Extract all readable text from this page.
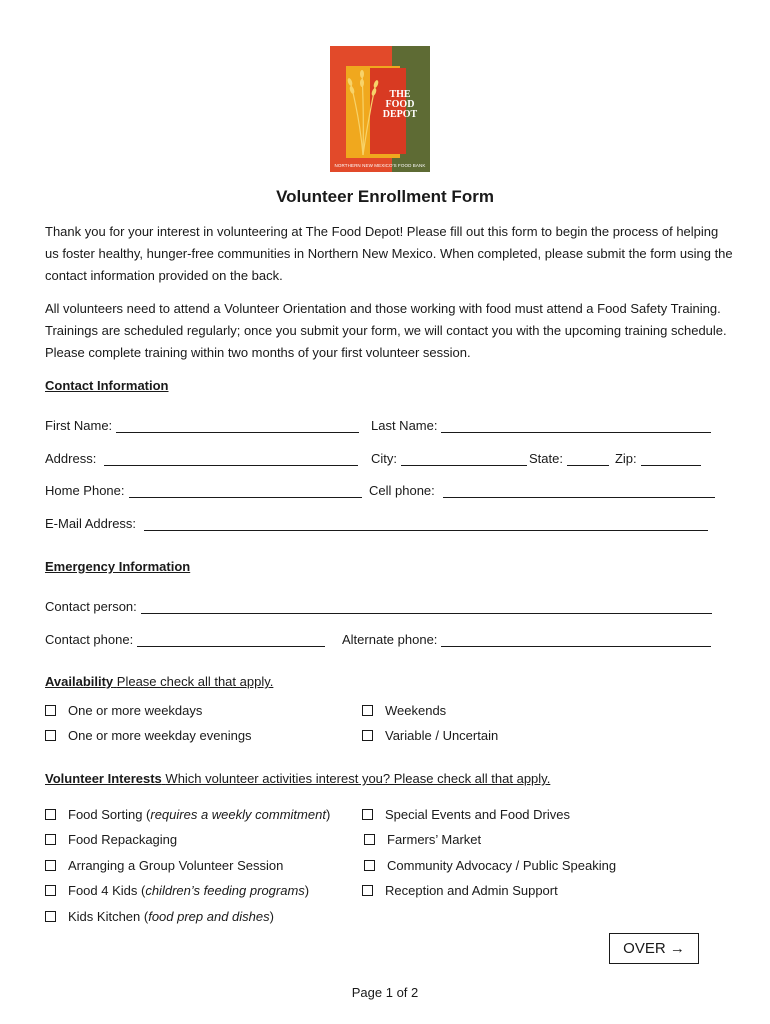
THE
FOOD
DEPOT
NORTHERN NEW MEXICO'S FOOD BANK
Volunteer Enrollment Form

Thank you for your interest in volunteering at The Food Depot! Please fill out this form to begin the process of helping us foster healthy, hunger-free communities in Northern New Mexico. When completed, please submit the form using the contact information provided on the back.

All volunteers need to attend a Volunteer Orientation and those working with food must attend a Food Safety Training. Trainings are scheduled regularly; once you submit your form, we will contact you with the upcoming training schedule. Please complete training within two months of your first volunteer session.

Contact Information
First Name:	Last Name:
Address:	City:	State:	Zip:
Home Phone:	Cell phone:
E-Mail Address:
Emergency Information
Contact person:
Contact phone:	Alternate phone:
Availability Please check all that apply.
One or more weekdays
One or more weekday evenings
Weekends
Variable / Uncertain
Volunteer Interests Which volunteer activities interest you? Please check all that apply.
Food Sorting ( requires a weekly commitment )
Food Repackaging
Arranging a Group Volunteer Session
Food 4 Kids ( children’s feeding programs )
Kids Kitchen ( food prep and dishes )
Special Events and Food Drives
Farmers’ Market
Community Advocacy / Public Speaking
Reception and Admin Support
OVER →
Page 1 of 2
